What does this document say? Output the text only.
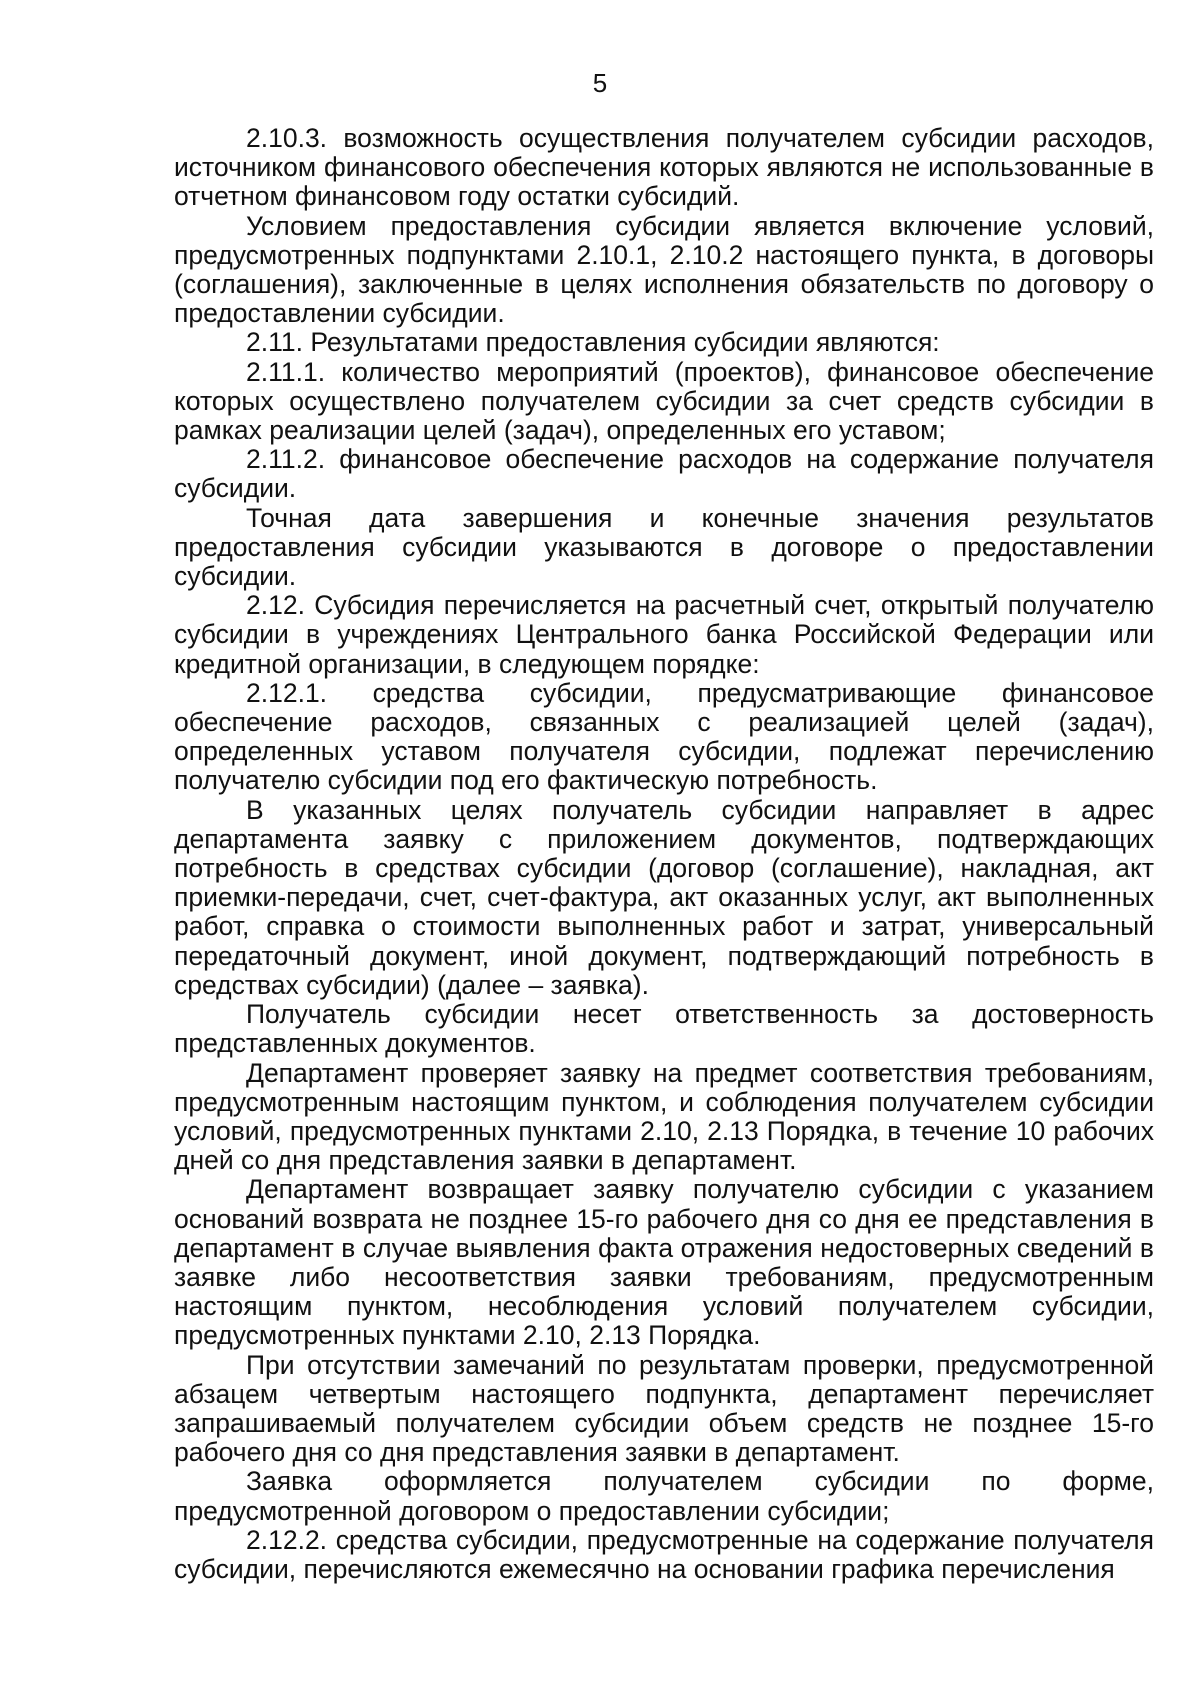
5

2.10.3. возможность осуществления получателем субсидии расходов, источником финансового обеспечения которых являются не использованные в отчетном финансовом году остатки субсидий.

Условием предоставления субсидии является включение условий, предусмотренных подпунктами 2.10.1, 2.10.2 настоящего пункта, в договоры (соглашения), заключенные в целях исполнения обязательств по договору о предоставлении субсидии.

2.11. Результатами предоставления субсидии являются:

2.11.1. количество мероприятий (проектов), финансовое обеспечение которых осуществлено получателем субсидии за счет средств субсидии в рамках реализации целей (задач), определенных его уставом;

2.11.2. финансовое обеспечение расходов на содержание получателя субсидии.

Точная дата завершения и конечные значения результатов предоставления субсидии указываются в договоре о предоставлении субсидии.

2.12. Субсидия перечисляется на расчетный счет, открытый получателю субсидии в учреждениях Центрального банка Российской Федерации или кредитной организации, в следующем порядке:

2.12.1. средства субсидии, предусматривающие финансовое обеспечение расходов, связанных с реализацией целей (задач), определенных уставом получателя субсидии, подлежат перечислению получателю субсидии под его фактическую потребность.

В указанных целях получатель субсидии направляет в адрес департамента заявку с приложением документов, подтверждающих потребность в средствах субсидии (договор (соглашение), накладная, акт приемки-передачи, счет, счет-фактура, акт оказанных услуг, акт выполненных работ, справка о стоимости выполненных работ и затрат, универсальный передаточный документ, иной документ, подтверждающий потребность в средствах субсидии) (далее – заявка).

Получатель субсидии несет ответственность за достоверность представленных документов.

Департамент проверяет заявку на предмет соответствия требованиям, предусмотренным настоящим пунктом, и соблюдения получателем субсидии условий, предусмотренных пунктами 2.10, 2.13 Порядка, в течение 10 рабочих дней со дня представления заявки в департамент.

Департамент возвращает заявку получателю субсидии с указанием оснований возврата не позднее 15-го рабочего дня со дня ее представления в департамент в случае выявления факта отражения недостоверных сведений в заявке либо несоответствия заявки требованиям, предусмотренным настоящим пунктом, несоблюдения условий получателем субсидии, предусмотренных пунктами 2.10, 2.13 Порядка.

При отсутствии замечаний по результатам проверки, предусмотренной абзацем четвертым настоящего подпункта, департамент перечисляет запрашиваемый получателем субсидии объем средств не позднее 15-го рабочего дня со дня представления заявки в департамент.

Заявка оформляется получателем субсидии по форме, предусмотренной договором о предоставлении субсидии;

2.12.2. средства субсидии, предусмотренные на содержание получателя субсидии, перечисляются ежемесячно на основании графика перечисления
